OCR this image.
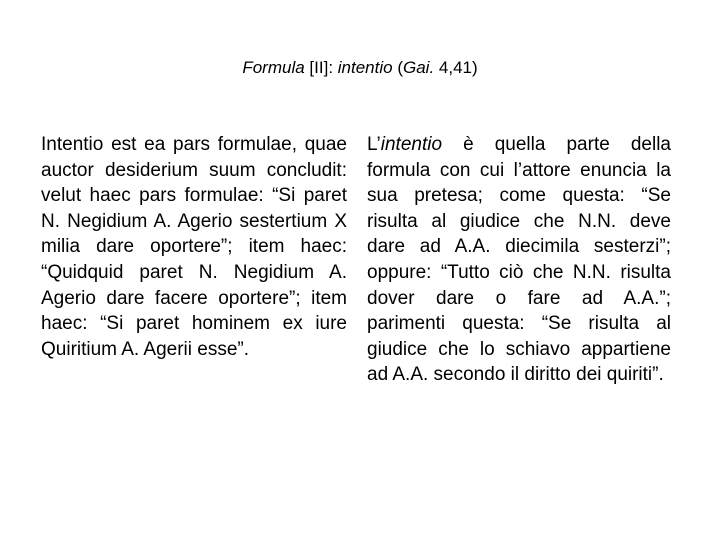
Formula [II]: intentio (Gai. 4,41)
Intentio est ea pars formulae, quae auctor desiderium suum concludit: velut haec pars formulae: “Si paret N. Negidium A. Agerio sestertium X milia dare oportere”; item haec: “Quidquid paret N. Negidium A. Agerio dare facere oportere”; item haec: “Si paret hominem ex iure Quiritium A. Agerii esse”.
L’intentio è quella parte della formula con cui l’attore enuncia la sua pretesa; come questa: “Se risulta al giudice che N.N. deve dare ad A.A. diecimila sesterzi”; oppure: “Tutto ciò che N.N. risulta dover dare o fare ad A.A.”; parimenti questa: “Se risulta al giudice che lo schiavo appartiene ad A.A. secondo il diritto dei quiriti”.
